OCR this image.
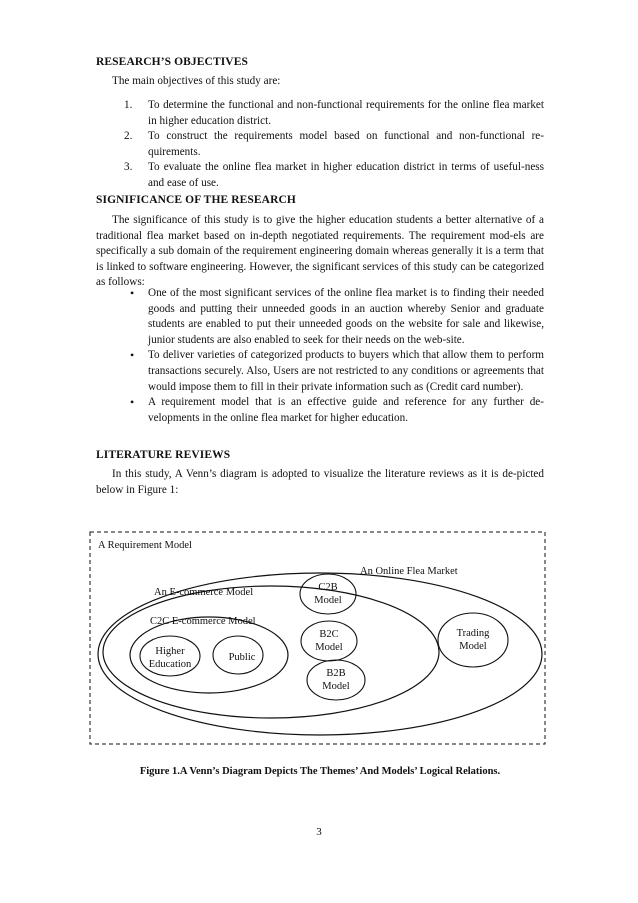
RESEARCH’S OBJECTIVES

The main objectives of this study are:

1. To determine the functional and non-functional requirements for the online flea market in higher education district.
2. To construct the requirements model based on functional and non-functional re-quirements.
3. To evaluate the online flea market in higher education district in terms of useful-ness and ease of use.
SIGNIFICANCE OF THE RESEARCH

The significance of this study is to give the higher education students a better alternative of a traditional flea market based on in-depth negotiated requirements. The requirement mod-els are specifically a sub domain of the requirement engineering domain whereas generally it is a term that is linked to software engineering. However, the significant services of this study can be categorized as follows:

• One of the most significant services of the online flea market is to finding their needed goods and putting their unneeded goods in an auction whereby Senior and graduate students are enabled to put their unneeded goods on the website for sale and likewise, junior students are also enabled to seek for their needs on the web-site.
• To deliver varieties of categorized products to buyers which that allow them to perform transactions securely. Also, Users are not restricted to any conditions or agreements that would impose them to fill in their private information such as (Credit card number).
• A requirement model that is an effective guide and reference for any further de-velopments in the online flea market for higher education.
LITERATURE REVIEWS

In this study, A Venn’s diagram is adopted to visualize the literature reviews as it is de-picted below in Figure 1:

A Requirement Model
An Online Flea Market
An E-commerce Model
C2C E-commerce Model
Higher
Education
Public
C2B
Model
B2C
Model
B2B
Model
Trading
Model
Figure 1.A Venn’s Diagram Depicts The Themes’ And Models’ Logical Relations.
3
